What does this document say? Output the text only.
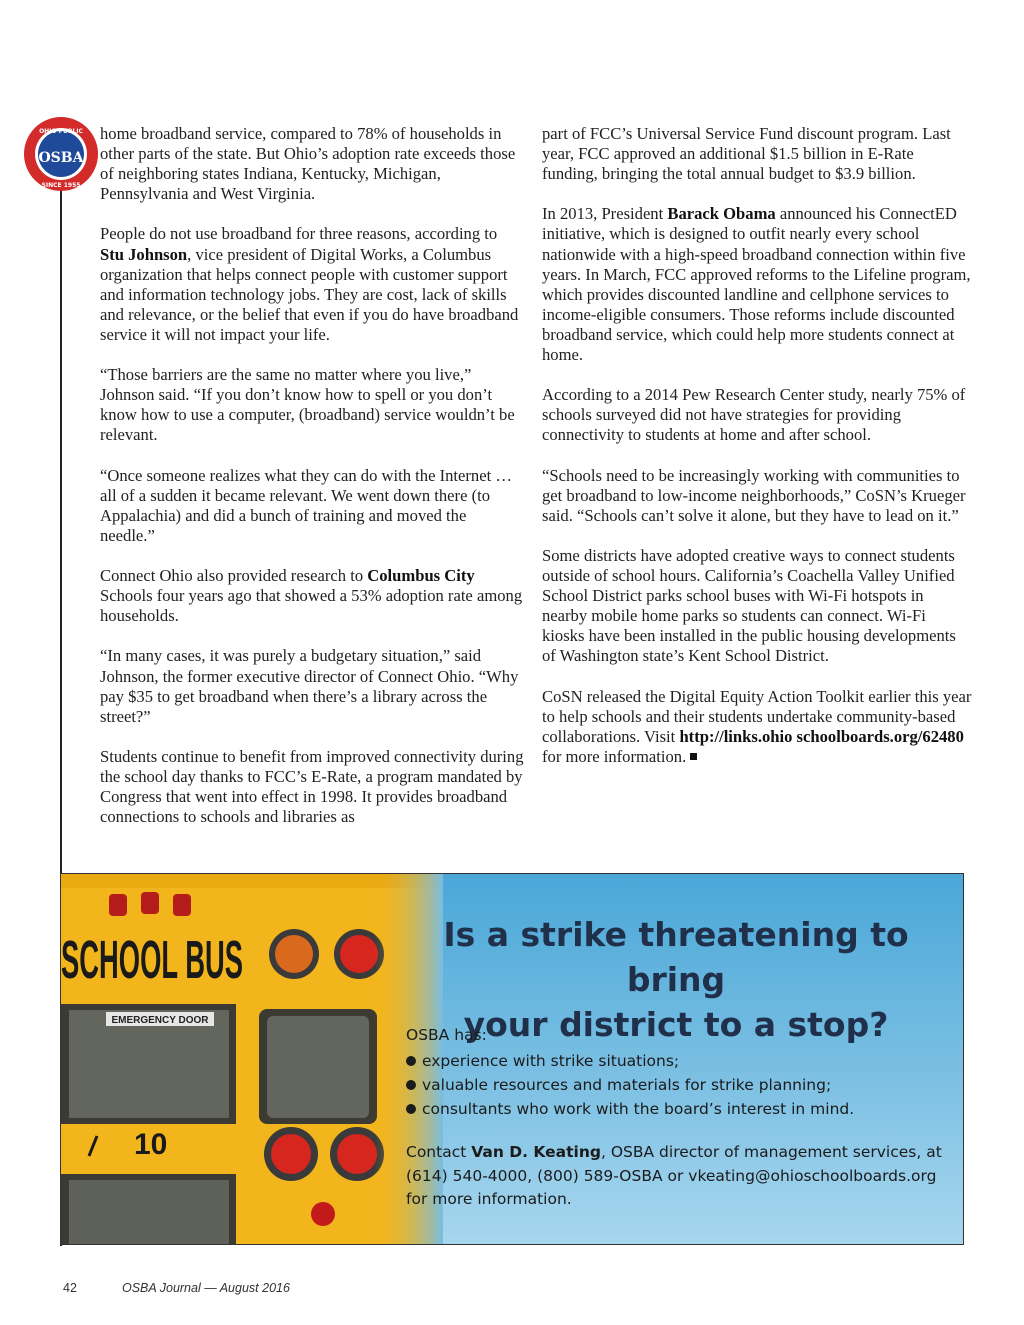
OHIO PUBLIC
OSBA
SINCE 1955

home broadband service, compared to 78% of households in other parts of the state. But Ohio’s adoption rate exceeds those of neighboring states Indiana, Kentucky, Michigan, Pennsylvania and West Virginia.

People do not use broadband for three reasons, according to Stu Johnson, vice president of Digital Works, a Columbus organization that helps connect people with customer support and information technology jobs. They are cost, lack of skills and relevance, or the belief that even if you do have broadband service it will not impact your life.

“Those barriers are the same no matter where you live,” Johnson said. “If you don’t know how to spell or you don’t know how to use a computer, (broadband) service wouldn’t be relevant.

“Once someone realizes what they can do with the Internet … all of a sudden it became relevant. We went down there (to Appalachia) and did a bunch of training and moved the needle.”

Connect Ohio also provided research to Columbus City Schools four years ago that showed a 53% adoption rate among households.

“In many cases, it was purely a budgetary situation,” said Johnson, the former executive director of Connect Ohio. “Why pay $35 to get broadband when there’s a library across the street?”

Students continue to benefit from improved connectivity during the school day thanks to FCC’s E-Rate, a program mandated by Congress that went into effect in 1998. It provides broadband connections to schools and libraries as

part of FCC’s Universal Service Fund discount program. Last year, FCC approved an additional $1.5 billion in E-Rate funding, bringing the total annual budget to $3.9 billion.

In 2013, President Barack Obama announced his ConnectED initiative, which is designed to outfit nearly every school nationwide with a high-speed broadband connection within five years. In March, FCC approved reforms to the Lifeline program, which provides discounted landline and cellphone services to income-eligible consumers. Those reforms include discounted broadband service, which could help more students connect at home.

According to a 2014 Pew Research Center study, nearly 75% of schools surveyed did not have strategies for providing connectivity to students at home and after school.

“Schools need to be increasingly working with communities to get broadband to low-income neighborhoods,” CoSN’s Krueger said. “Schools can’t solve it alone, but they have to lead on it.”

Some districts have adopted creative ways to connect students outside of school hours. California’s Coachella Valley Unified School District parks school buses with Wi-Fi hotspots in nearby mobile home parks so students can connect. Wi-Fi kiosks have been installed in the public housing developments of Washington state’s Kent School District.

CoSN released the Digital Equity Action Toolkit earlier this year to help schools and their students undertake community-based collaborations. Visit http://links.ohio schoolboards.org/62480 for more information.

Is a strike threatening to bring
your district to a stop?
OSBA has:
experience with strike situations;
valuable resources and materials for strike planning;
consultants who work with the board’s interest in mind.
Contact Van D. Keating, OSBA director of management services, at (614) 540-4000, (800) 589-OSBA or vkeating@ohioschoolboards.org for more information.
42	OSBA Journal — August 2016
